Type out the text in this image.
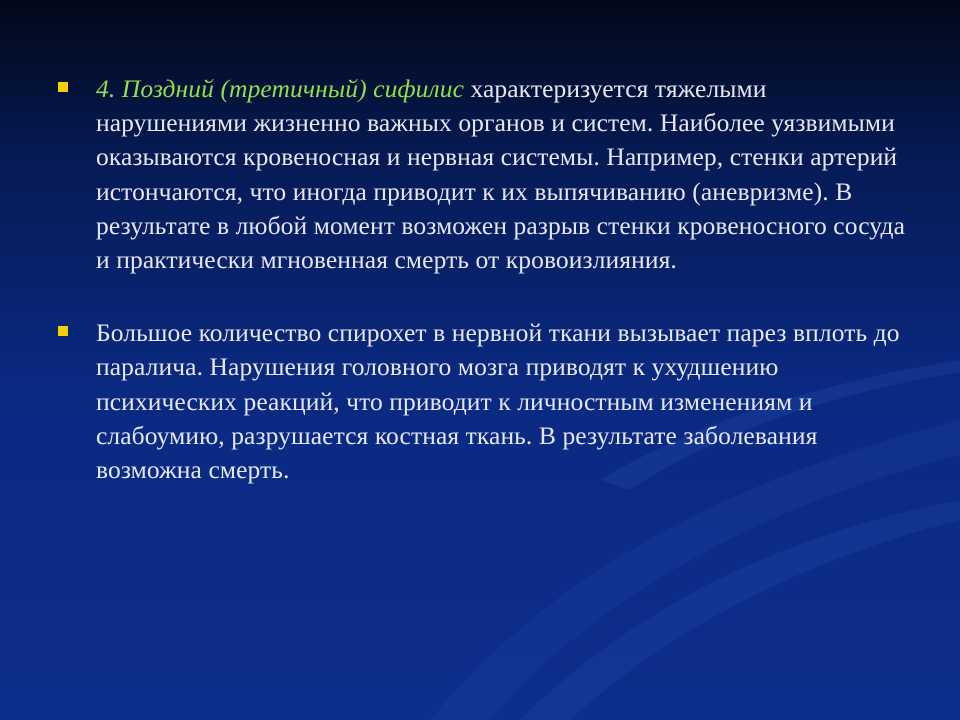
4. Поздний (третичный) сифилис характеризуется тяжелыми нарушениями жизненно важных органов и систем. Наиболее уязвимыми оказываются кровеносная и нервная системы. Например, стенки артерий истончаются, что иногда приводит к их выпячиванию (аневризме). В результате в любой момент возможен разрыв стенки кровеносного сосуда и практически мгновенная смерть от кровоизлияния.
Большое количество спирохет в нервной ткани вызывает парез вплоть до паралича. Нарушения головного мозга приводят к ухудшению психических реакций, что приводит к личностным изменениям и слабоумию, разрушается костная ткань. В результате заболевания возможна смерть.
